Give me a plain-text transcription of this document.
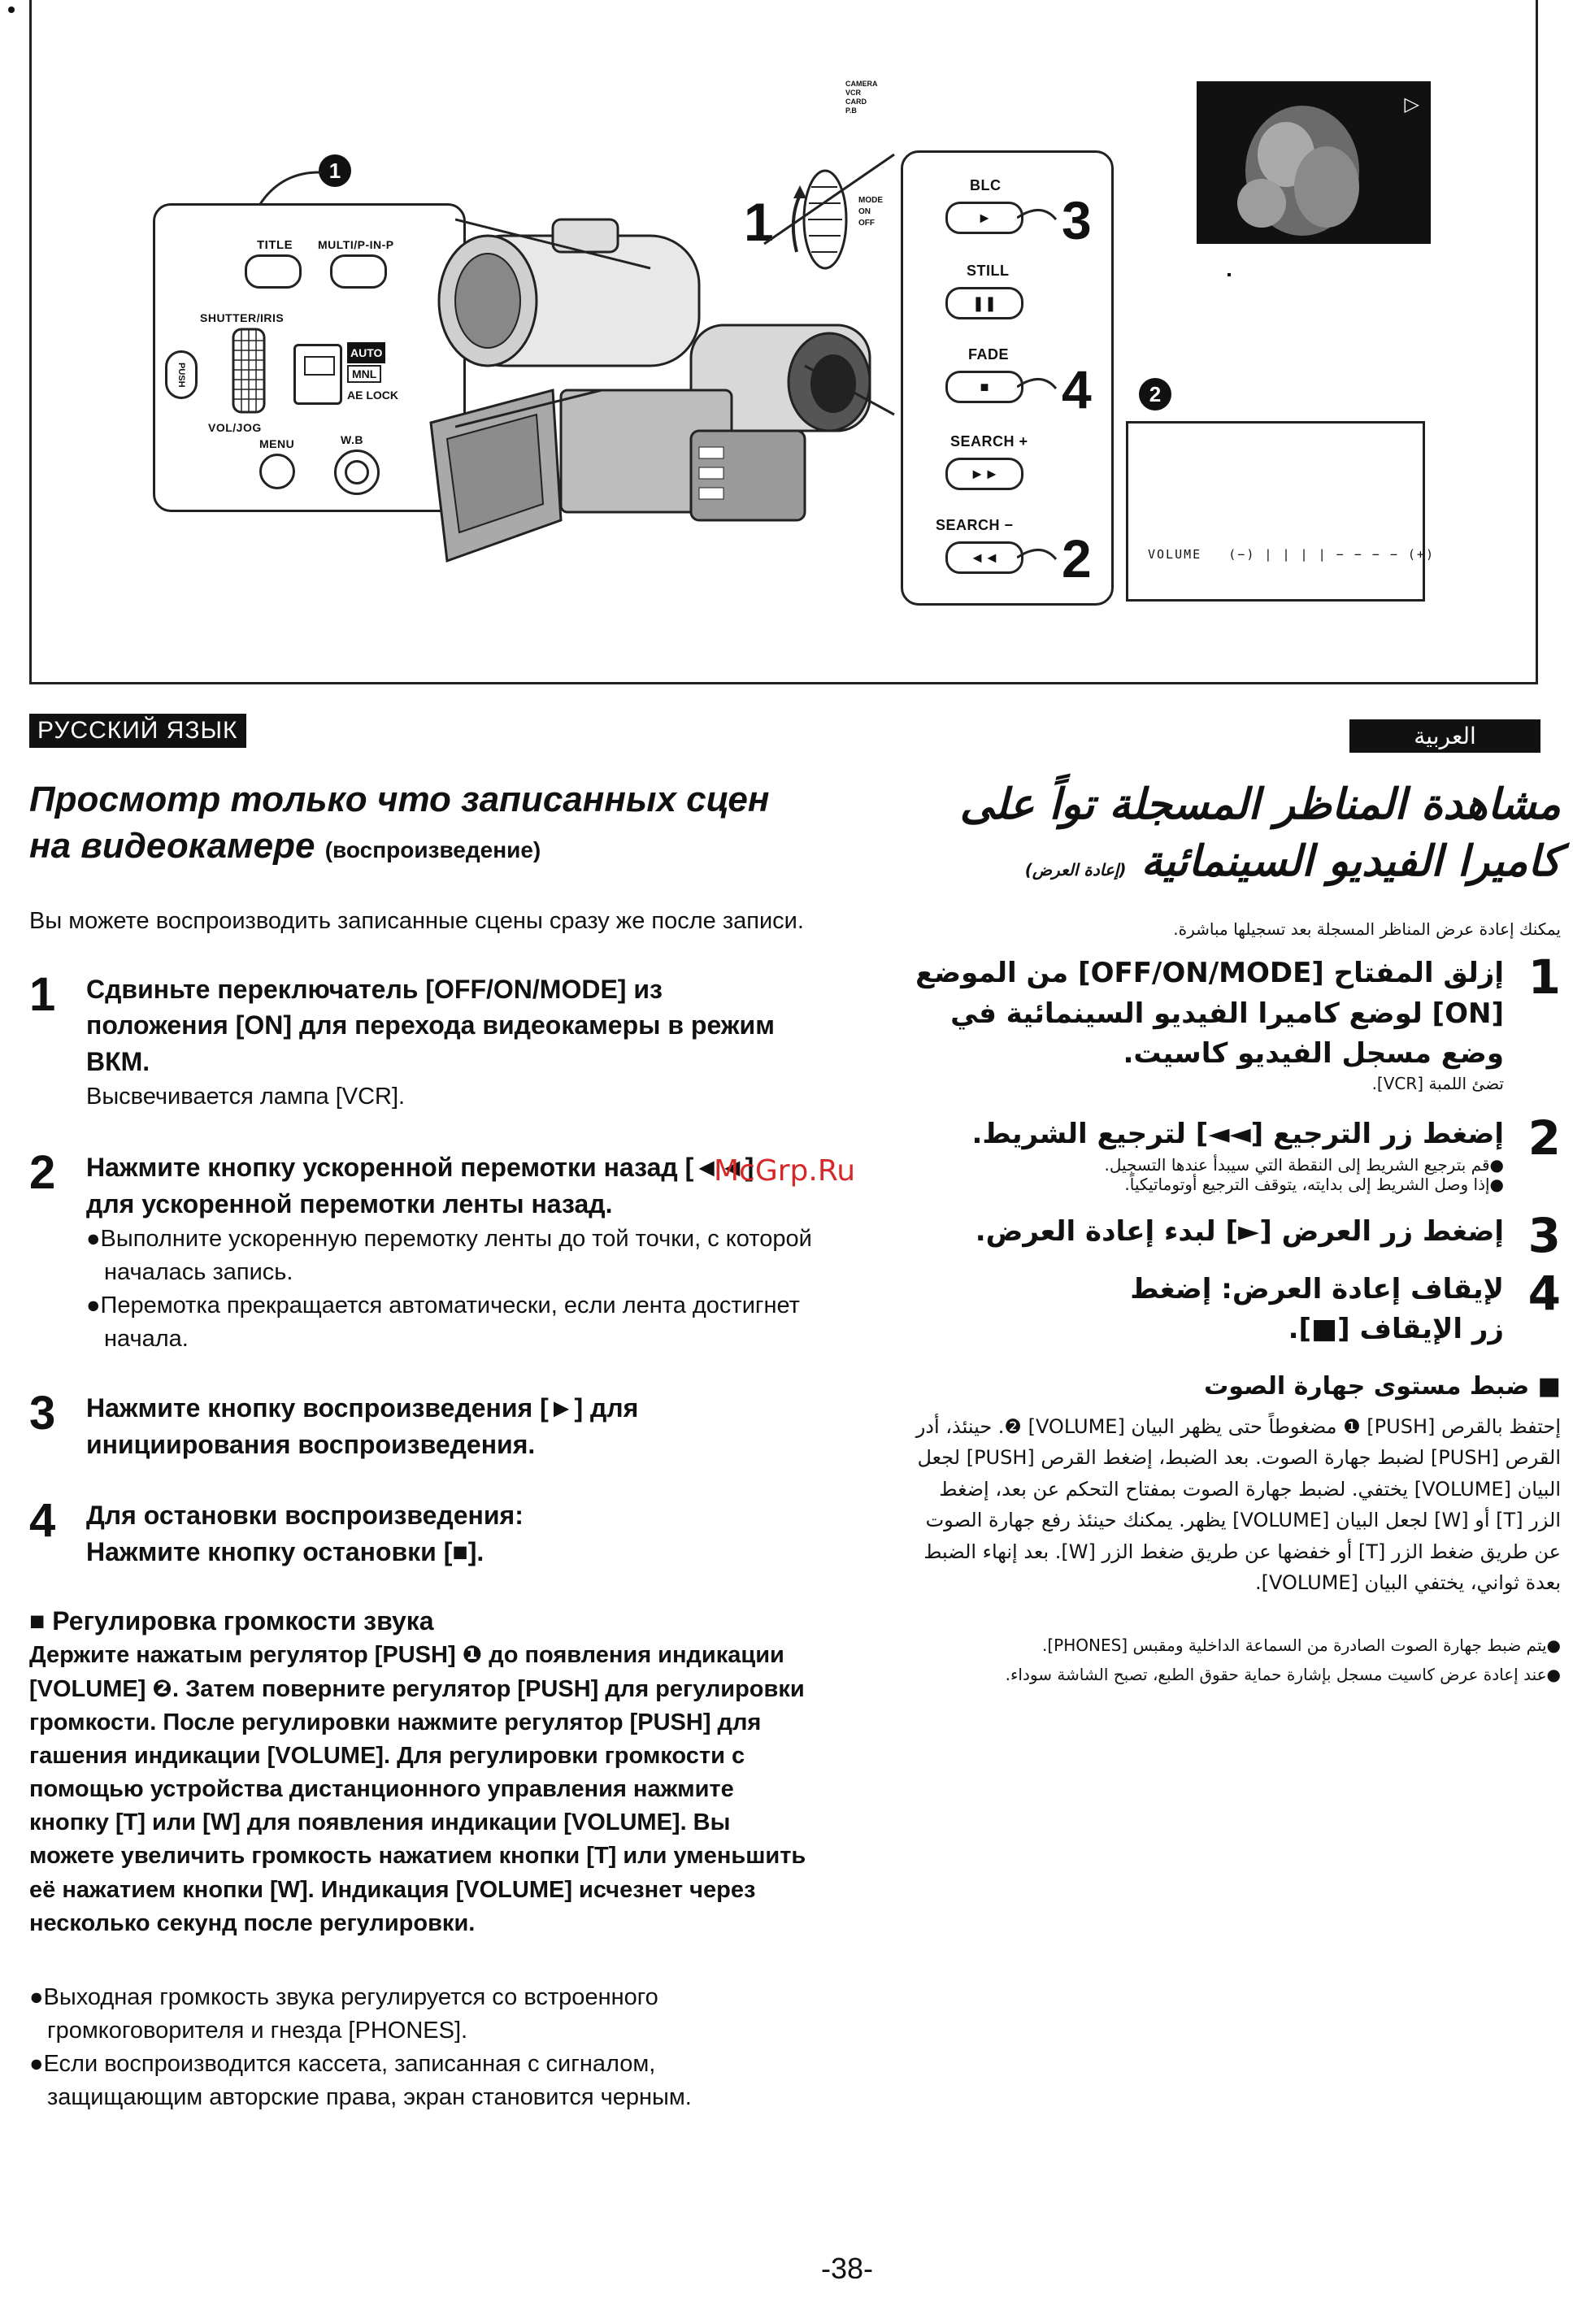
CAMERA
VCR
CARD
P.B
1	MODE
ON
OFF
1
TITLE MULTI/P-IN-P
SHUTTER/IRIS
PUSH
VOL/JOG
AUTO
MNL
AE LOCK
MENU	W.B
BLC
►
STILL
❚❚
FADE
■
SEARCH +
►►
SEARCH −
◄◄
3
4
2
▷
2
VOLUME   (−) | | | | − − − − (+)
РУССКИЙ ЯЗЫК	العربية
Просмотр только что записанных сцен
на видеокамере (воспроизведение)
Вы можете воспроизводить записанные сцены сразу же после записи.
1 Сдвиньте переключатель [OFF/ON/MODE] из положения [ON] для перехода видеокамеры в режим ВКМ.
Высвечивается лампа [VCR].
2 Нажмите кнопку ускоренной перемотки назад [◄◄] для ускоренной перемотки ленты назад.
●Выполните ускоренную перемотку ленты до той точки, с которой началась запись.
●Перемотка прекращается автоматически, если лента достигнет начала.
3 Нажмите кнопку воспроизведения [►] для инициирования воспроизведения.
4 Для остановки воспроизведения: Нажмите кнопку остановки [■].
■ Регулировка громкости звука
Держите нажатым регулятор [PUSH] ❶ до появления индикации [VOLUME] ❷. Затем поверните регулятор [PUSH] для регулировки громкости. После регулировки нажмите регулятор [PUSH] для гашения индикации [VOLUME]. Для регулировки громкости с помощью устройства дистанционного управления нажмите кнопку [T] или [W] для появления индикации [VOLUME]. Вы можете увеличить громкость нажатием кнопки [T] или уменьшить её нажатием кнопки [W]. Индикация [VOLUME] исчезнет через несколько секунд после регулировки.
●Выходная громкость звука регулируется со встроенного громкоговорителя и гнезда [PHONES].
●Если воспроизводится кассета, записанная с сигналом, защищающим авторские права, экран становится черным.
McGrp.Ru
مشاهدة المناظر المسجلة تواً على
كاميرا الفيديو السينمائية (إعادة العرض)
يمكنك إعادة عرض المناظر المسجلة بعد تسجيلها مباشرة.
1
إزلق المفتاح [OFF/ON/MODE] من الموضع [ON] لوضع كاميرا الفيديو السينمائية في وضع مسجل الفيديو كاسيت.
تضئ اللمبة [VCR].
2
إضغط زر الترجيع [◄◄] لترجيع الشريط.
●قم بترجيع الشريط إلى النقطة التي سيبدأ عندها التسجيل.
●إذا وصل الشريط إلى بدايته، يتوقف الترجيع أوتوماتيكياً.
3
إضغط زر العرض [►] لبدء إعادة العرض.
4
لإيقاف إعادة العرض: إضغط زر الإيقاف [■].
■ ضبط مستوى جهارة الصوت
إحتفظ بالقرص [PUSH] ❶ مضغوطاً حتى يظهر البيان [VOLUME] ❷. حينئذ، أدر القرص [PUSH] لضبط جهارة الصوت. بعد الضبط، إضغط القرص [PUSH] لجعل البيان [VOLUME] يختفي. لضبط جهارة الصوت بمفتاح التحكم عن بعد، إضغط الزر [T] أو [W] لجعل البيان [VOLUME] يظهر. يمكنك حينئذ رفع جهارة الصوت عن طريق ضغط الزر [T] أو خفضها عن طريق ضغط الزر [W]. بعد إنهاء الضبط بعدة ثواني، يختفي البيان [VOLUME].
●يتم ضبط جهارة الصوت الصادرة من السماعة الداخلية ومقبس [PHONES].
●عند إعادة عرض كاسيت مسجل بإشارة حماية حقوق الطبع، تصبح الشاشة سوداء.
-38-
